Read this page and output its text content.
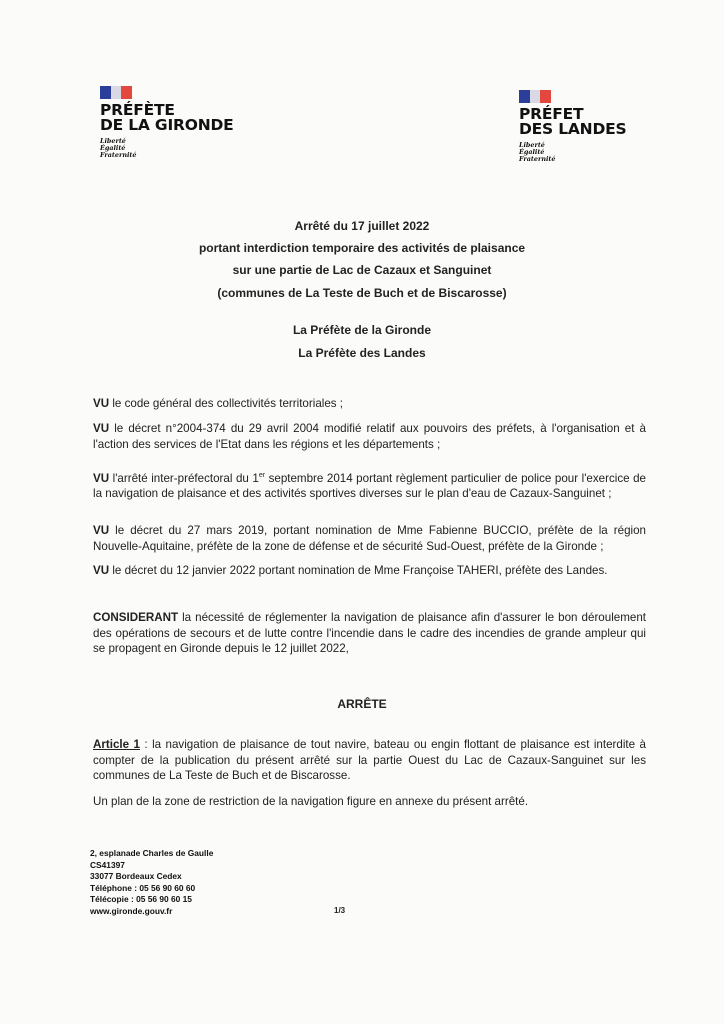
PRÉFÈTE
DE LA GIRONDE
Liberté
Égalité
Fraternité
PRÉFET
DES LANDES
Liberté
Égalité
Fraternité
Arrêté du 17 juillet 2022
portant interdiction temporaire des activités de plaisance
sur une partie de Lac de Cazaux et Sanguinet
(communes de La Teste de Buch et de Biscarosse)
La Préfète de la Gironde
La Préfète des Landes
VU le code général des collectivités territoriales ;
VU le décret n°2004-374 du 29 avril 2004 modifié relatif aux pouvoirs des préfets, à l'organisation et à l'action des services de l'Etat dans les régions et les départements ;
VU l'arrêté inter-préfectoral du 1er septembre 2014 portant règlement particulier de police pour l'exercice de la navigation de plaisance et des activités sportives diverses sur le plan d'eau de Cazaux-Sanguinet ;
VU le décret du 27 mars 2019, portant nomination de Mme Fabienne BUCCIO, préfète de la région Nouvelle-Aquitaine, préfète de la zone de défense et de sécurité Sud-Ouest, préfète de la Gironde ;
VU le décret du 12 janvier 2022 portant nomination de Mme Françoise TAHERI, préfète des Landes.
CONSIDERANT la nécessité de réglementer la navigation de plaisance afin d'assurer le bon déroulement des opérations de secours et de lutte contre l'incendie dans le cadre des incendies de grande ampleur qui se propagent en Gironde depuis le 12 juillet 2022,
ARRÊTE
Article 1 : la navigation de plaisance de tout navire, bateau ou engin flottant de plaisance est interdite à compter de la publication du présent arrêté sur la partie Ouest du Lac de Cazaux-Sanguinet sur les communes de La Teste de Buch et de Biscarosse.
Un plan de la zone de restriction de la navigation figure en annexe du présent arrêté.
2, esplanade Charles de Gaulle
CS41397
33077 Bordeaux Cedex
Téléphone : 05 56 90 60 60
Télécopie : 05 56 90 60 15
www.gironde.gouv.fr	1/3
